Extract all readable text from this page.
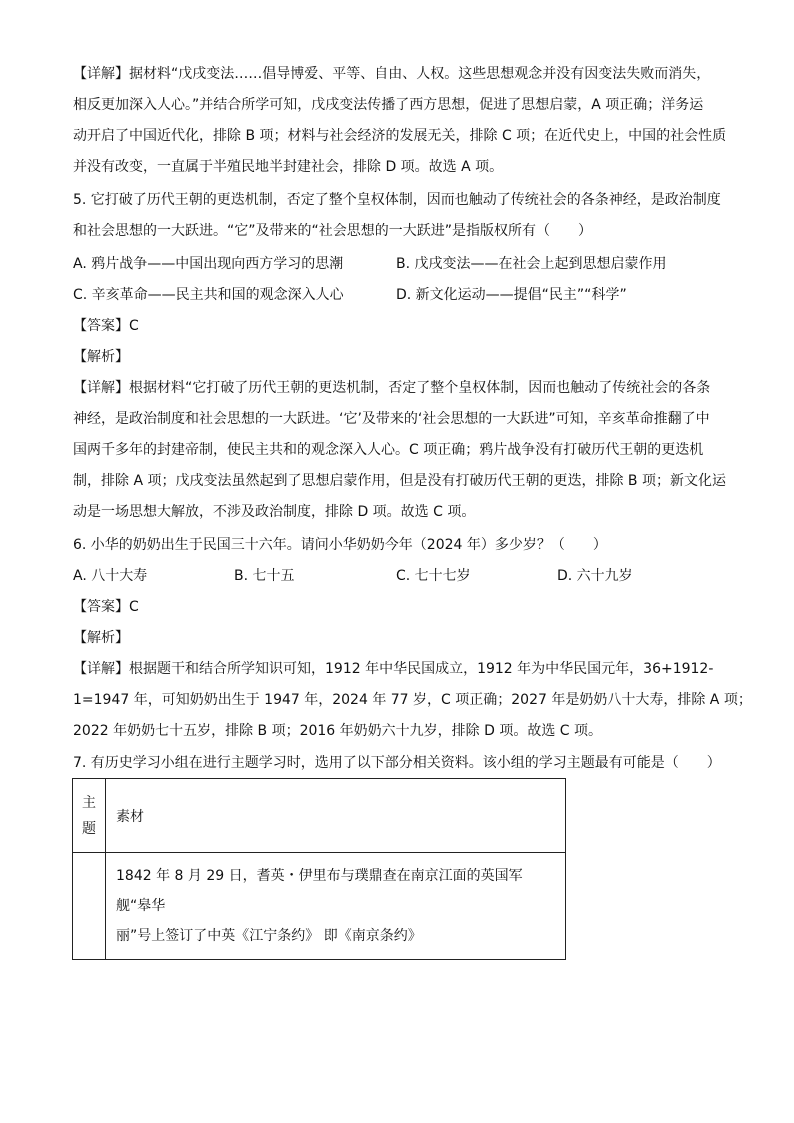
【详解】据材料“戊戌变法……倡导博爱、平等、自由、人权。这些思想观念并没有因变法失败而消失，
相反更加深入人心。”并结合所学可知，戊戌变法传播了西方思想，促进了思想启蒙，A 项正确；洋务运
动开启了中国近代化，排除 B 项；材料与社会经济的发展无关，排除 C 项；在近代史上，中国的社会性质
并没有改变，一直属于半殖民地半封建社会，排除 D 项。故选 A 项。
5. 它打破了历代王朝的更迭机制，否定了整个皇权体制，因而也触动了传统社会的各条神经，是政治制度
和社会思想的一大跃进。“它”及带来的“社会思想的一大跃进”是指版权所有（　　）
A. 鸦片战争——中国出现向西方学习的思潮	B. 戊戌变法——在社会上起到思想启蒙作用
C. 辛亥革命——民主共和国的观念深入人心	D. 新文化运动——提倡“民主”“科学”
【答案】C
【解析】
【详解】根据材料“它打破了历代王朝的更迭机制，否定了整个皇权体制，因而也触动了传统社会的各条
神经，是政治制度和社会思想的一大跃进。‘它’及带来的‘社会思想的一大跃进”可知，辛亥革命推翻了中
国两千多年的封建帝制，使民主共和的观念深入人心。C 项正确；鸦片战争没有打破历代王朝的更迭机
制，排除 A 项；戊戌变法虽然起到了思想启蒙作用，但是没有打破历代王朝的更迭，排除 B 项；新文化运
动是一场思想大解放，不涉及政治制度，排除 D 项。故选 C 项。
6. 小华的奶奶出生于民国三十六年。请问小华奶奶今年（2024 年）多少岁？（　　）
A. 八十大寿	B. 七十五	C. 七十七岁	D. 六十九岁
【答案】C
【解析】
【详解】根据题干和结合所学知识可知，1912 年中华民国成立，1912 年为中华民国元年，36+1912-
1=1947 年，可知奶奶出生于 1947 年，2024 年 77 岁，C 项正确；2027 年是奶奶八十大寿，排除 A 项；
2022 年奶奶七十五岁，排除 B 项；2016 年奶奶六十九岁，排除 D 项。故选 C 项。
7. 有历史学习小组在进行主题学习时，选用了以下部分相关资料。该小组的学习主题最有可能是（　　）
主题	素材

	1842 年 8 月 29 日，耆英・伊里布与璞鼎查在南京江面的英国军舰“皋华
丽”号上签订了中英《江宁条约》 即《南京条约》
